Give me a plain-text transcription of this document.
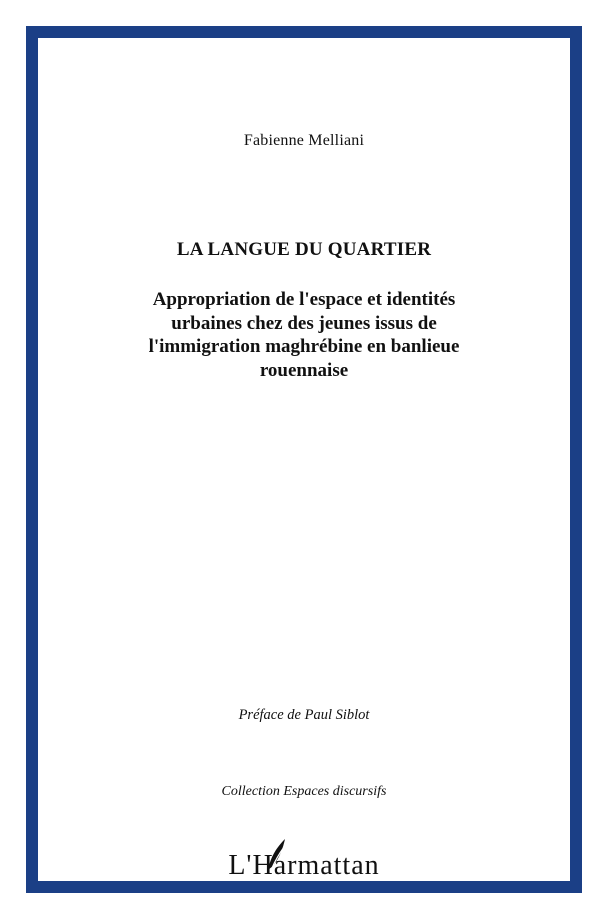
Fabienne Melliani
LA LANGUE DU QUARTIER
Appropriation de l'espace et identités
urbaines chez des jeunes issus de
l'immigration maghrébine en banlieue
rouennaise
Préface de Paul Siblot
Collection Espaces discursifs
L'Harmattan
